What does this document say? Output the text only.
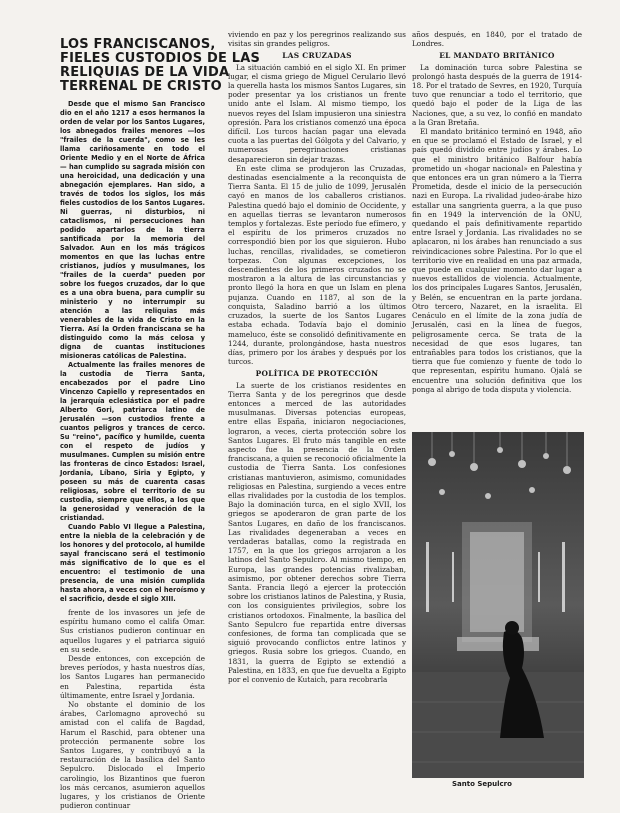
LOS FRANCISCANOS,
FIELES CUSTODIOS DE LAS
RELIQUIAS DE LA VIDA
TERRENAL DE CRISTO

Desde que el mismo San Francisco dio en el año 1217 a esos hermanos la orden de velar por los Santos Lugares, los abnegados frailes menores —los "frailes de la cuerda", como se les llama cariñosamente en todo el Oriente Medio y en el Norte de África— han cumplido su sagrada misión con una heroicidad, una dedicación y una abnegación ejemplares. Han sido, a través de todos los siglos, los más fieles custodios de los Santos Lugares. Ni guerras, ni disturbios, ni cataclismos, ni persecuciones han podido apartarlos de la tierra santificada por la memoria del Salvador. Aun en los más trágicos momentos en que las luchas entre cristianos, judíos y musulmanes, los "frailes de la cuerda" pueden por sobre los fuegos cruzados, dar lo que es a una obra buena, para cumplir su ministerio y no interrumpir su atención a las reliquias más venerables de la vida de Cristo en la Tierra. Así la Orden franciscana se ha distinguido como la más celosa y digna de cuantas instituciones misioneras católicas de Palestina.

Actualmente las frailes menores de la custodia de Tierra Santa, encabezados por el padre Lino Vincenzo Capiello y representados en la jerarquía eclesiástica por el padre Alberto Gori, patriarca latino de Jerusalén —son custodios frente a cuantos peligros y trances de cerco. Su "reino", pacífico y humilde, cuenta con el respeto de judíos y musulmanes. Cumplen su misión entre las fronteras de cinco Estados: Israel, Jordania, Líbano, Siria y Egipto, y poseen su más de cuarenta casas religiosas, sobre el territorio de su custodia, siempre que ellos, a los que la generosidad y veneración de la cristiandad.

Cuando Pablo VI llegue a Palestina, entre la niebla de la celebración y de los honores y del protocolo, al humilde sayal franciscano será el testimonio más significativo de lo que es el encuentro: el testimonio de una presencia, de una misión cumplida hasta ahora, a veces con el heroísmo y el sacrificio, desde el siglo XIII.

frente de los invasores un jefe de espíritu humano como el califa Omar. Sus cristianos pudieron continuar en aquellos lugares y el patriarca siguió en su sede.

Desde entonces, con excepción de breves períodos, y hasta nuestros días, los Santos Lugares han permanecido en Palestina, repartida ésta últimamente, entre Israel y Jordania.

No obstante el dominio de los árabes, Carlomagno aprovechó su amistad con el califa de Bagdad, Harum el Raschid, para obtener una protección permanente sobre los Santos Lugares, y contribuyó a la restauración de la basílica del Santo Sepulcro. Dislocado el Imperio carolingio, los Bizantinos que fueron los más cercanos, asumieron aquellos lugares, y los cristianos de Oriente pudieron continuar

viviendo en paz y los peregrinos realizando sus visitas sin grandes peligros.

LAS CRUZADAS

La situación cambió en el siglo XI. En primer lugar, el cisma griego de Miguel Cerulario llevó la querella hasta los mismos Santos Lugares, sin poder presentar ya los cristianos un frente unido ante el Islam. Al mismo tiempo, los nuevos reyes del Islam impusieron una siniestra opresión. Para los cristianos comenzó una época difícil. Los turcos hacían pagar una elevada cuota a las puertas del Gólgota y del Calvario, y numerosas peregrinaciones cristianas desaparecieron sin dejar trazas.

En este clima se produjeron las Cruzadas, destinadas esencialmente a la reconquista de Tierra Santa. El 15 de julio de 1099, Jerusalén cayó en manos de los caballeros cristianos. Palestina quedó bajo el dominio de Occidente, y en aquellas tierras se levantaron numerosos templos y fortalezas. Este período fue efímero, y el espíritu de los primeros cruzados no correspondió bien por los que siguieron. Hubo luchas, rencillas, rivalidades, se cometieron torpezas. Con algunas excepciones, los descendientes de los primeros cruzados no se mostraron a la altura de las circunstancias y pronto llegó la hora en que un Islam en plena pujanza. Cuando en 1187, al son de la conquista, Saladino barrió a los últimos cruzados, la suerte de los Santos Lugares estaba echada. Todavía bajo el dominio mameluco, éste se consolidó definitivamente en 1244, durante, prolongándose, hasta nuestros días, primero por los árabes y después por los turcos.

POLÍTICA DE PROTECCIÓN

La suerte de los cristianos residentes en Tierra Santa y de los peregrinos que desde entonces a merced de las autoridades musulmanas. Diversas potencias europeas, entre ellas España, iniciaron negociaciones, lograron, a veces, cierta protección sobre los Santos Lugares. El fruto más tangible en este aspecto fue la presencia de la Orden franciscana, a quien se reconoció oficialmente la custodia de Tierra Santa. Los confesiones cristianas mantuvieron, asimismo, comunidades religiosas en Palestina, surgiendo a veces entre ellas rivalidades por la custodia de los templos. Bajo la dominación turca, en el siglo XVII, los griegos se apoderaron de gran parte de los Santos Lugares, en daño de los franciscanos. Las rivalidades degeneraban a veces en verdaderas batallas, como la registrada en 1757, en la que los griegos arrojaron a los latinos del Santo Sepulcro. Al mismo tiempo, en Europa, las grandes potencias rivalizaban, asimismo, por obtener derechos sobre Tierra Santa. Francia llegó a ejercer la protección sobre los cristianos latinos de Palestina, y Rusia, con los consiguientes privilegios, sobre los cristianos ortodoxos. Finalmente, la basílica del Santo Sepulcro fue repartida entre diversas confesiones, de forma tan complicada que se siguió provocando conflictos entre latinos y griegos. Rusia sobre los griegos. Cuando, en 1831, la guerra de Egipto se extendió a Palestina, en 1833, en que fue devuelta a Egipto por el convenio de Kutaich, para recobrarla

años después, en 1840, por el tratado de Londres.

EL MANDATO BRITÁNICO

La dominación turca sobre Palestina se prolongó hasta después de la guerra de 1914-18. Por el tratado de Sevres, en 1920, Turquía tuvo que renunciar a todo el territorio, que quedó bajo el poder de la Liga de las Naciones, que, a su vez, lo confió en mandato a la Gran Bretaña.

El mandato británico terminó en 1948, año en que se proclamó el Estado de Israel, y el país quedó dividido entre judíos y árabes. Lo que el ministro británico Balfour había prometido un «hogar nacional» en Palestina y que entonces era un gran número a la Tierra Prometida, desde el inicio de la persecución nazi en Europa. La rivalidad judeo-árabe hizo estallar una sangrienta guerra, a la que puso fin en 1949 la intervención de la ONU, quedando el país definitivamente repartido entre Israel y Jordania. Las rivalidades no se aplacaron, ni los árabes han renunciado a sus reivindicaciones sobre Palestina. Por lo que el territorio vive en realidad en una paz armada, que puede en cualquier momento dar lugar a nuevos estallidos de violencia. Actualmente, los dos principales Lugares Santos, Jerusalén, y Belén, se encuentran en la parte jordana. Otro tercero, Nazaret, en la israelita. El Cenáculo en el límite de la zona judía de Jerusalén, casi en la línea de fuegos, peligrosamente cerca. Se trata de la necesidad de que esos lugares, tan entrañables para todos los cristianos, que la tierra que fue comienzo y fuente de todo lo que representan, espíritu humano. Ojalá se encuentre una solución definitiva que los ponga al abrigo de toda disputa y violencia.

Santo Sepulcro
